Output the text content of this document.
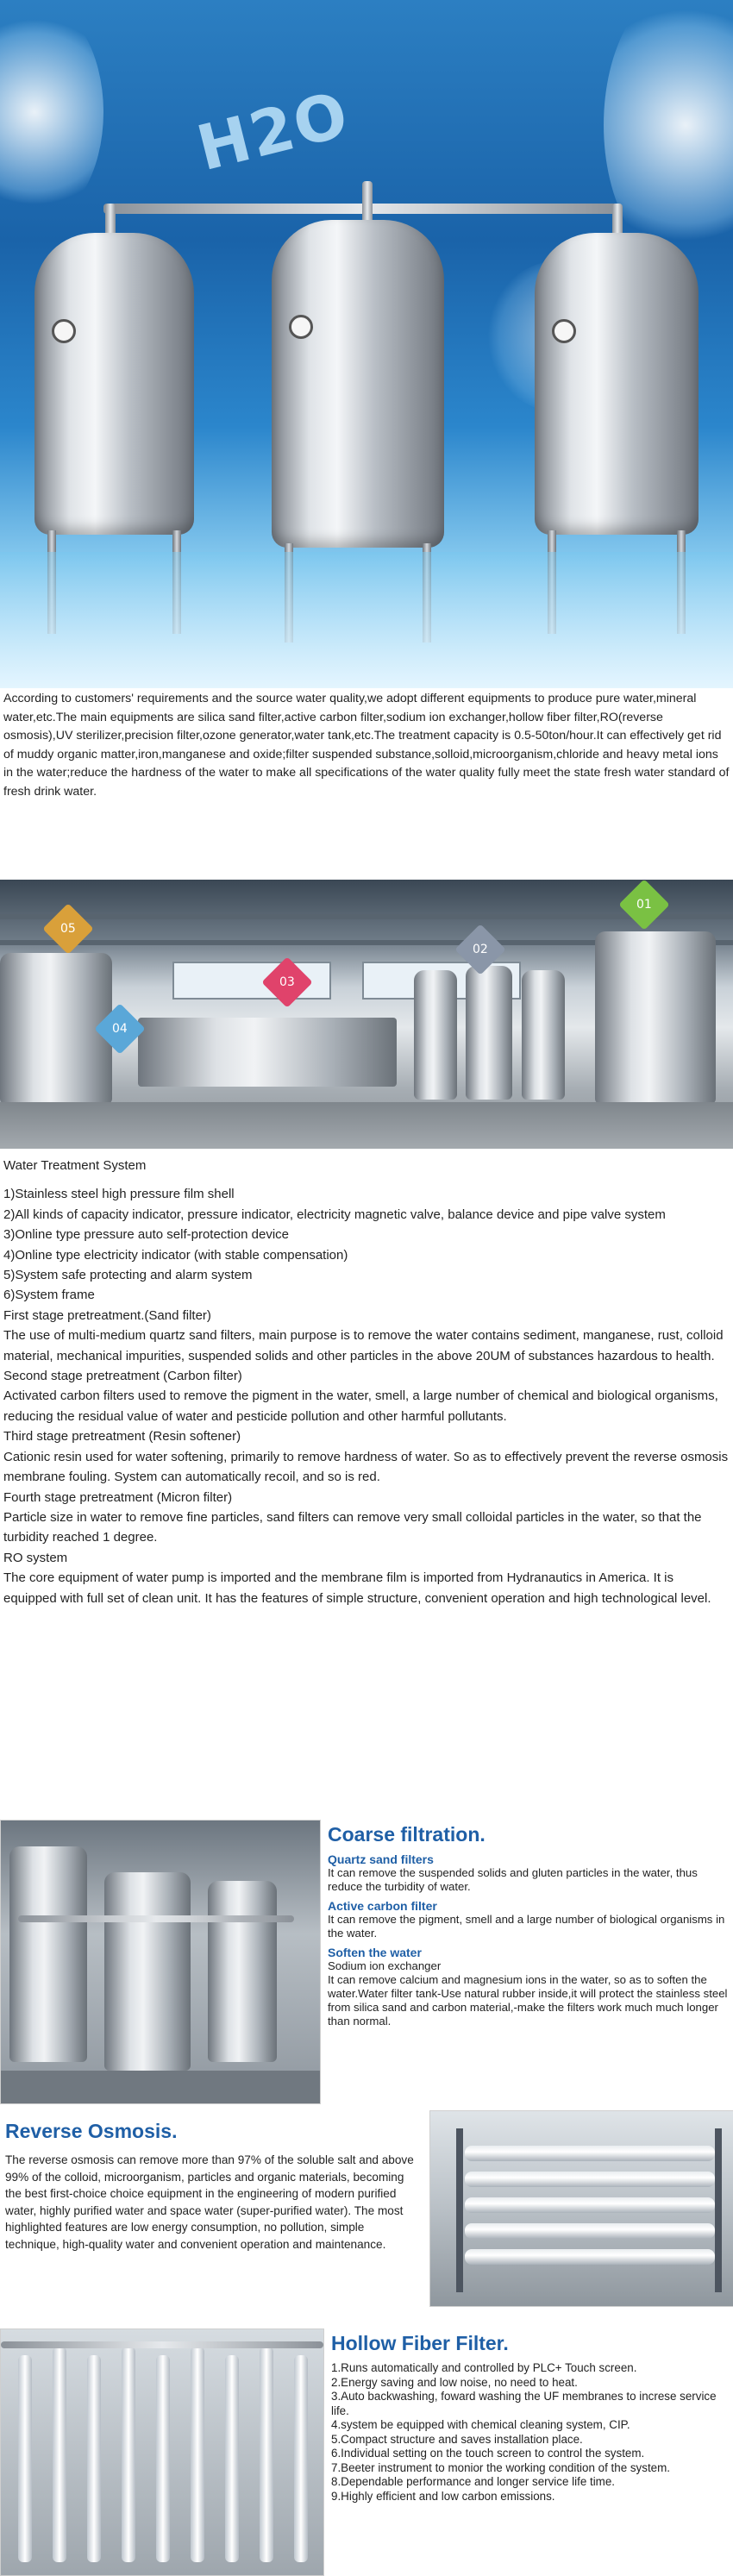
H2O

According to customers' requirements and the source water quality,we adopt different equipments to produce pure water,mineral water,etc.The main equipments are silica sand filter,active carbon filter,sodium ion exchanger,hollow fiber filter,RO(reverse osmosis),UV sterilizer,precision filter,ozone generator,water tank,etc.The treatment capacity is 0.5-50ton/hour.It can effectively get rid of muddy organic matter,iron,manganese and oxide;filter suspended substance,solloid,microorganism,chloride and heavy metal ions in the water;reduce the hardness of the water to make all specifications of the water quality fully meet the state fresh water standard of fresh drink water.

01
02
03
04
05

Water Treatment System

1)Stainless steel high pressure film shell

2)All kinds of capacity indicator, pressure indicator, electricity magnetic valve, balance device and pipe valve system

3)Online type pressure auto self-protection device

4)Online type electricity indicator (with stable compensation)

5)System safe protecting and alarm system

6)System frame

First stage pretreatment.(Sand filter)

The use of multi-medium quartz sand filters, main purpose is to remove the water contains sediment, manganese, rust, colloid material, mechanical impurities, suspended solids and other particles in the above 20UM of substances hazardous to health.

Second stage pretreatment (Carbon filter)

Activated carbon filters used to remove the pigment in the water, smell, a large number of chemical and biological organisms, reducing the residual value of water and pesticide pollution and other harmful pollutants.

Third stage pretreatment (Resin softener)

Cationic resin used for water softening, primarily to remove hardness of water. So as to effectively prevent the reverse osmosis membrane fouling. System can automatically recoil, and so is red.

Fourth stage pretreatment (Micron filter)

Particle size in water to remove fine particles, sand filters can remove very small colloidal particles in the water, so that the turbidity reached 1 degree.

RO system

The core equipment of water pump is imported and the membrane film is imported from Hydranautics in America. It is equipped with full set of clean unit. It has the features of simple structure, convenient operation and high technological level.

Coarse filtration.

Quartz sand filters

It can remove the suspended solids and gluten particles in the water, thus reduce the turbidity of water.

Active carbon filter

It can remove the pigment, smell and a large number of biological organisms in the water.

Soften the water

Sodium ion exchanger

It can remove calcium and magnesium ions in the water, so as to soften the water.Water filter tank-Use natural rubber inside,it will protect the stainless steel from silica sand and carbon material,-make the filters work much much longer than normal.

Reverse Osmosis.

The reverse osmosis can remove more than 97% of the soluble salt and above 99% of the colloid, microorganism, particles and organic materials, becoming the best first-choice choice equipment in the engineering of modern purified water, highly purified water and space water (super-purified water). The most highlighted features are low energy consumption, no pollution, simple technique, high-quality water and convenient operation and maintenance.

Hollow Fiber Filter.

1.Runs automatically and controlled by PLC+ Touch screen.

2.Energy saving and low noise, no need to heat.

3.Auto backwashing, foward washing the UF membranes to increse service life.

4.system be equipped with chemical cleaning system, CIP.

5.Compact structure and saves installation place.

6.Individual setting on the touch screen to control the system.

7.Beeter instrument to monior the working condition of the system.

8.Dependable performance and longer service life time.

9.Highly efficient and low carbon emissions.
